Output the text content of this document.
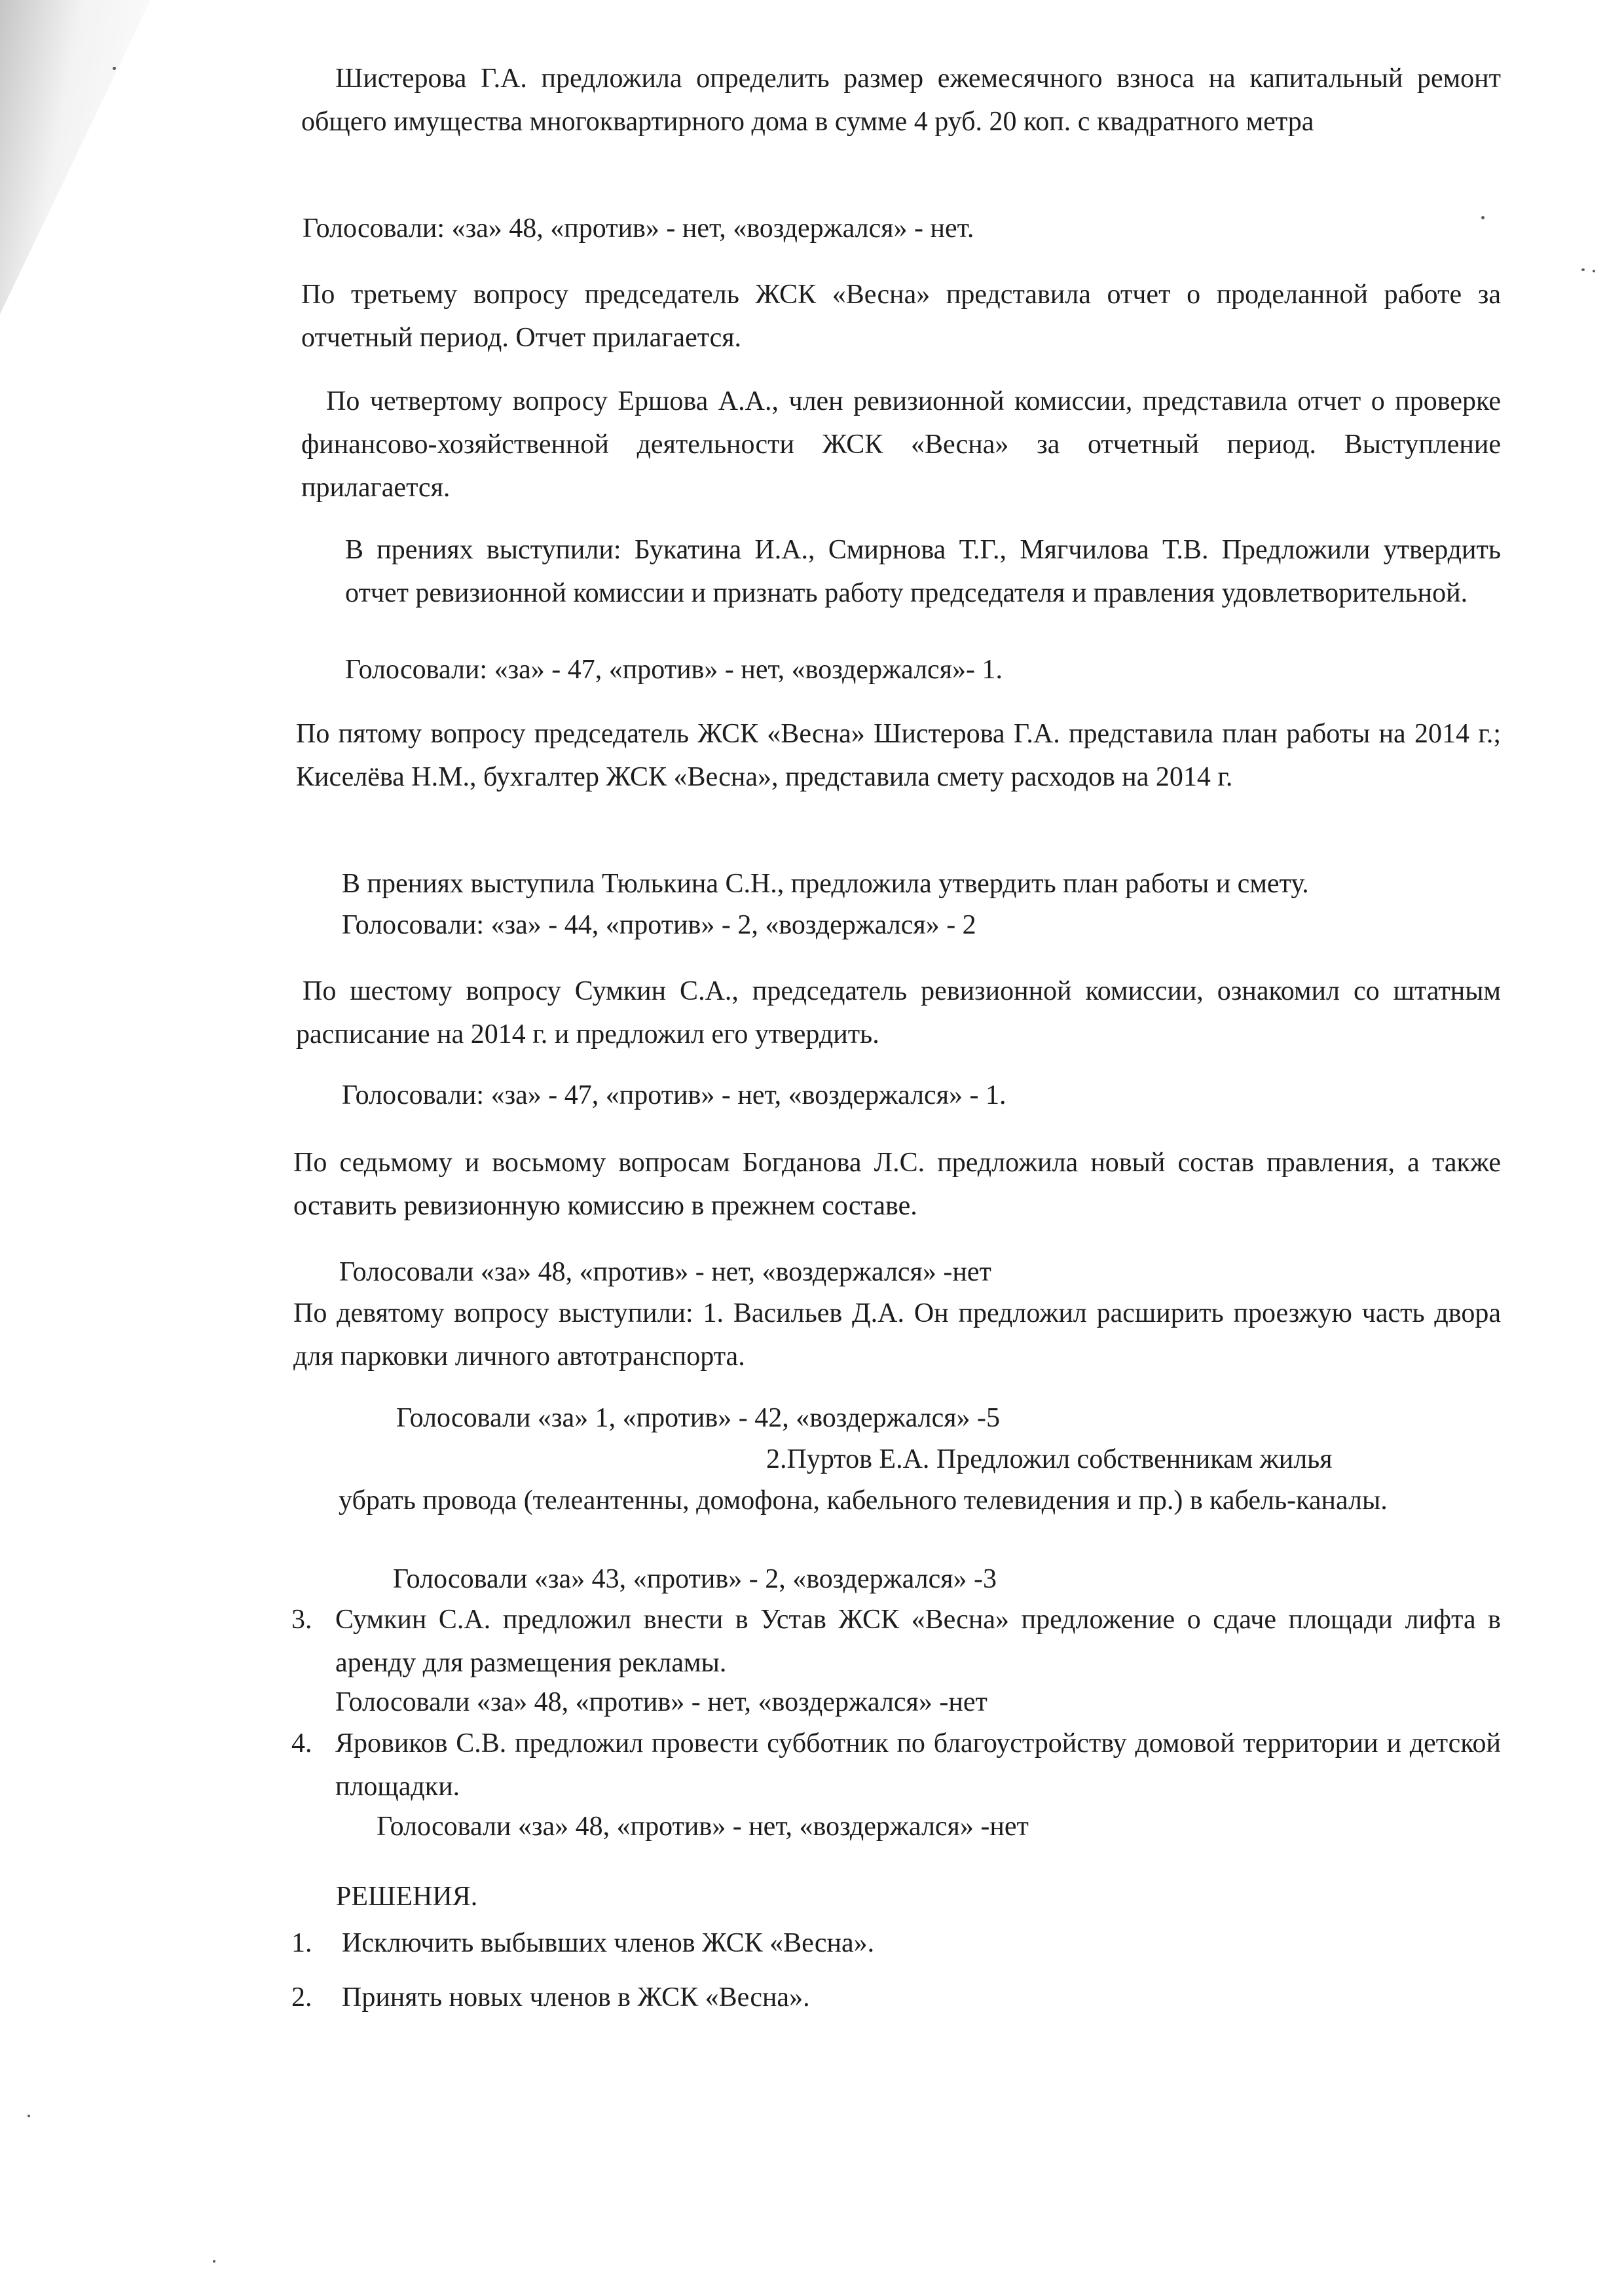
Шистерова Г.А. предложила определить размер ежемесячного взноса на капитальный ремонт общего имущества многоквартирного дома в сумме 4 руб. 20 коп. с квадратного метра

Голосовали: «за» 48, «против» - нет, «воздержался» - нет.

По третьему вопросу председатель ЖСК «Весна» представила отчет о проделанной работе за отчетный период. Отчет прилагается.

По четвертому вопросу Ершова А.А., член ревизионной комиссии, представила отчет о проверке финансово-хозяйственной деятельности ЖСК «Весна» за отчетный период. Выступление прилагается.

В прениях выступили: Букатина И.А., Смирнова Т.Г., Мягчилова Т.В. Предложили утвердить отчет ревизионной комиссии и признать работу председателя и правления удовлетворительной.

Голосовали: «за» - 47, «против» - нет, «воздержался»- 1.

По пятому вопросу председатель ЖСК «Весна» Шистерова Г.А. представила план работы на 2014 г.; Киселёва Н.М., бухгалтер ЖСК «Весна», представила смету расходов на 2014 г.

В прениях выступила Тюлькина С.Н., предложила утвердить план работы и смету.

Голосовали: «за» - 44, «против» - 2, «воздержался» - 2

По шестому вопросу Сумкин С.А., председатель ревизионной комиссии, ознакомил со штатным расписание на 2014 г. и предложил его утвердить.

Голосовали: «за» - 47, «против» - нет, «воздержался» - 1.

По седьмому и восьмому вопросам Богданова Л.С. предложила новый состав правления, а также оставить ревизионную комиссию в прежнем составе.

Голосовали «за» 48, «против» - нет, «воздержался» -нет

По девятому вопросу выступили: 1. Васильев Д.А. Он предложил расширить проезжую часть двора для парковки личного автотранспорта.

Голосовали «за» 1, «против» - 42, «воздержался» -5

2.Пуртов Е.А. Предложил собственникам жилья

убрать провода (телеантенны, домофона, кабельного телевидения и пр.) в кабель-каналы.

Голосовали «за» 43, «против» - 2, «воздержался» -3

3. Сумкин С.А. предложил внести в Устав ЖСК «Весна» предложение о сдаче площади лифта в аренду для размещения рекламы.

Голосовали «за» 48, «против» - нет, «воздержался» -нет

4. Яровиков С.В. предложил провести субботник по благоустройству домовой территории и детской площадки.

Голосовали «за» 48, «против» - нет, «воздержался» -нет

РЕШЕНИЯ.

1. Исключить выбывших членов ЖСК «Весна».

2. Принять новых членов в ЖСК «Весна».
